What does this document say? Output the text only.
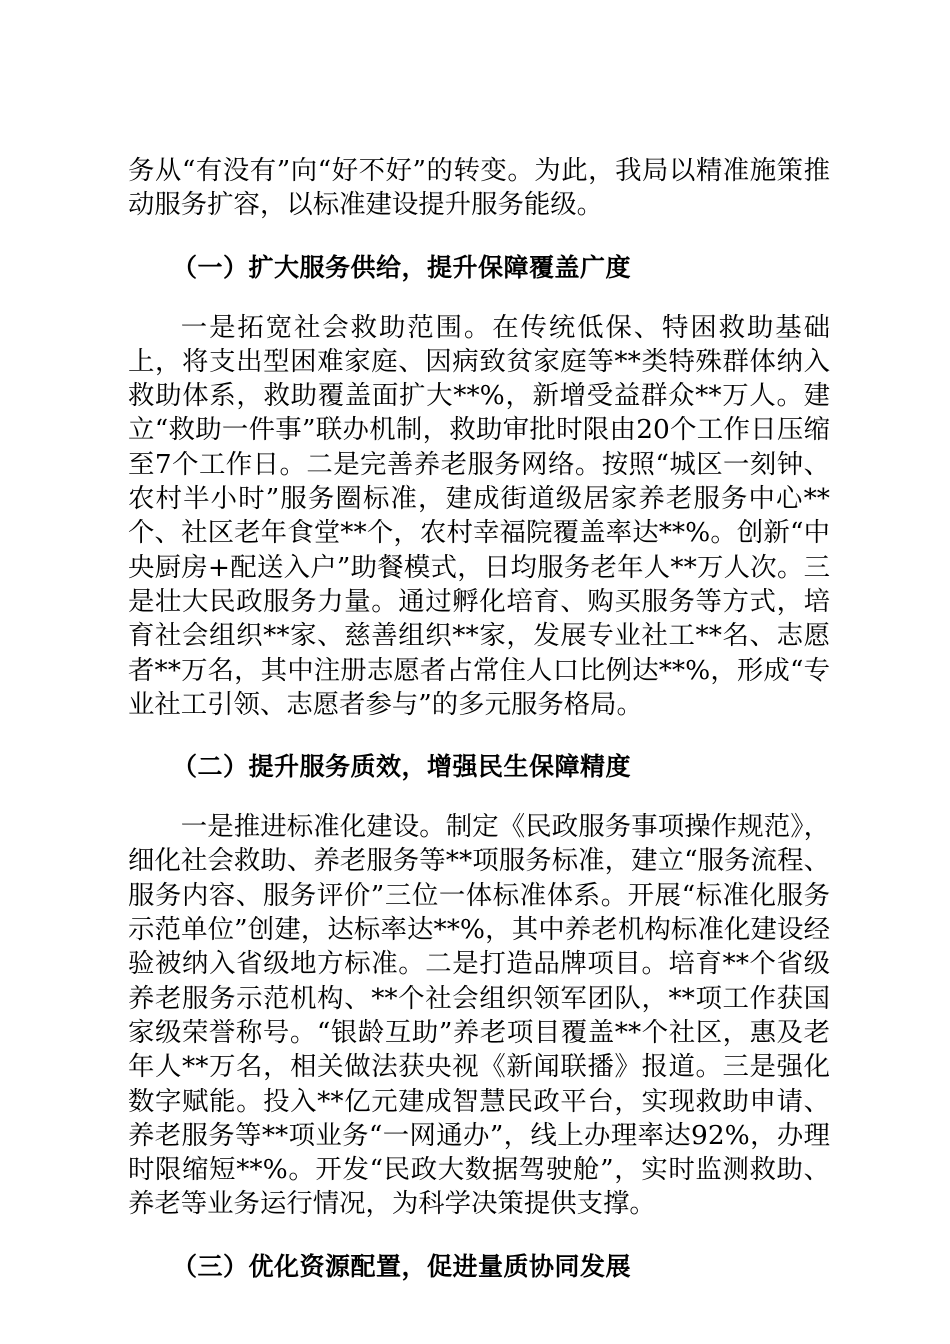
务从“有没有”向“好不好”的转变。为此，我局以精准施策推动服务扩容，以标准建设提升服务能级。

（一）扩大服务供给，提升保障覆盖广度

一是拓宽社会救助范围。在传统低保、特困救助基础上，将支出型困难家庭、因病致贫家庭等**类特殊群体纳入救助体系，救助覆盖面扩大**%，新增受益群众**万人。建立“救助一件事”联办机制，救助审批时限由20个工作日压缩至7个工作日。二是完善养老服务网络。按照“城区一刻钟、农村半小时”服务圈标准，建成街道级居家养老服务中心**个、社区老年食堂**个，农村幸福院覆盖率达**%。创新“中央厨房+配送入户”助餐模式，日均服务老年人**万人次。三是壮大民政服务力量。通过孵化培育、购买服务等方式，培育社会组织**家、慈善组织**家，发展专业社工**名、志愿者**万名，其中注册志愿者占常住人口比例达**%，形成“专业社工引领、志愿者参与”的多元服务格局。

（二）提升服务质效，增强民生保障精度

一是推进标准化建设。制定《民政服务事项操作规范》，细化社会救助、养老服务等**项服务标准，建立“服务流程、服务内容、服务评价”三位一体标准体系。开展“标准化服务示范单位”创建，达标率达**%，其中养老机构标准化建设经验被纳入省级地方标准。二是打造品牌项目。培育**个省级养老服务示范机构、**个社会组织领军团队，**项工作获国家级荣誉称号。“银龄互助”养老项目覆盖**个社区，惠及老年人**万名，相关做法获央视《新闻联播》报道。三是强化数字赋能。投入**亿元建成智慧民政平台，实现救助申请、养老服务等**项业务“一网通办”，线上办理率达92%，办理时限缩短**%。开发“民政大数据驾驶舱”，实时监测救助、养老等业务运行情况，为科学决策提供支撑。

（三）优化资源配置，促进量质协同发展
